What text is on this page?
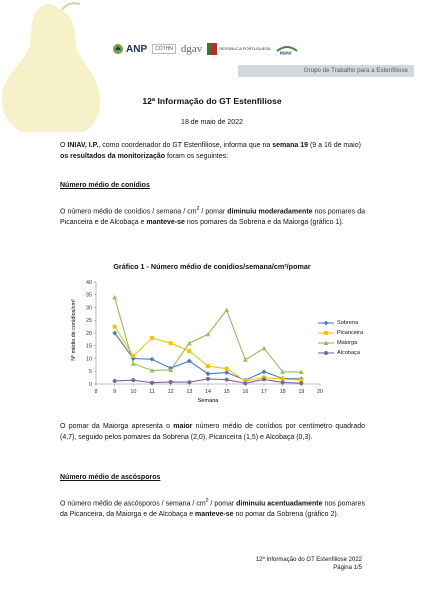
ANP COTHN dgav	REPÚBLICA PORTUGUESA
INIAV
Grupo de Trabalho para a Estenfiliose
12ª Informação do GT Estenfiliose
18 de maio de 2022

O INIAV, I.P., como coordenador do GT Estenfiliose, informa que na semana 19 (9 a 16 de maio) os resultados da monitorização foram os seguintes:

Número médio de conídios

O número médio de conídios / semana / $cm^2$ / pomar diminuiu moderadamente nos pomares da Picanceira e de Alcobaça e manteve-se nos pomares da Sobrena e da Maiorga (gráfico 1).

Gráfico 1 - Número médio de conídios/semana/cm²/pomar
0
5
10
15
20
25
30
35
40
8	9	10 11 12 13 14 15 16 17 18 19 20
Semana
Nº médio de conídios/cm²	Sobrena
Picanceira
Maiorga
Alcobaça

O pomar da Maiorga apresenta o maior número médio de conídios por centímetro quadrado (4,7), seguido pelos pomares da Sobrena (2,0), Picanceira (1,5) e Alcobaça (0,3).

Número médio de ascósporos

O número médio de ascósporos / semana / $cm^2$ / pomar diminuiu acentuadamente nos pomares da Picanceira, da Maiorga e de Alcobaça e manteve-se no pomar da Sobrena (gráfico 2).

12ª Informação do GT Estenfiliose 2022
Página 1/5
